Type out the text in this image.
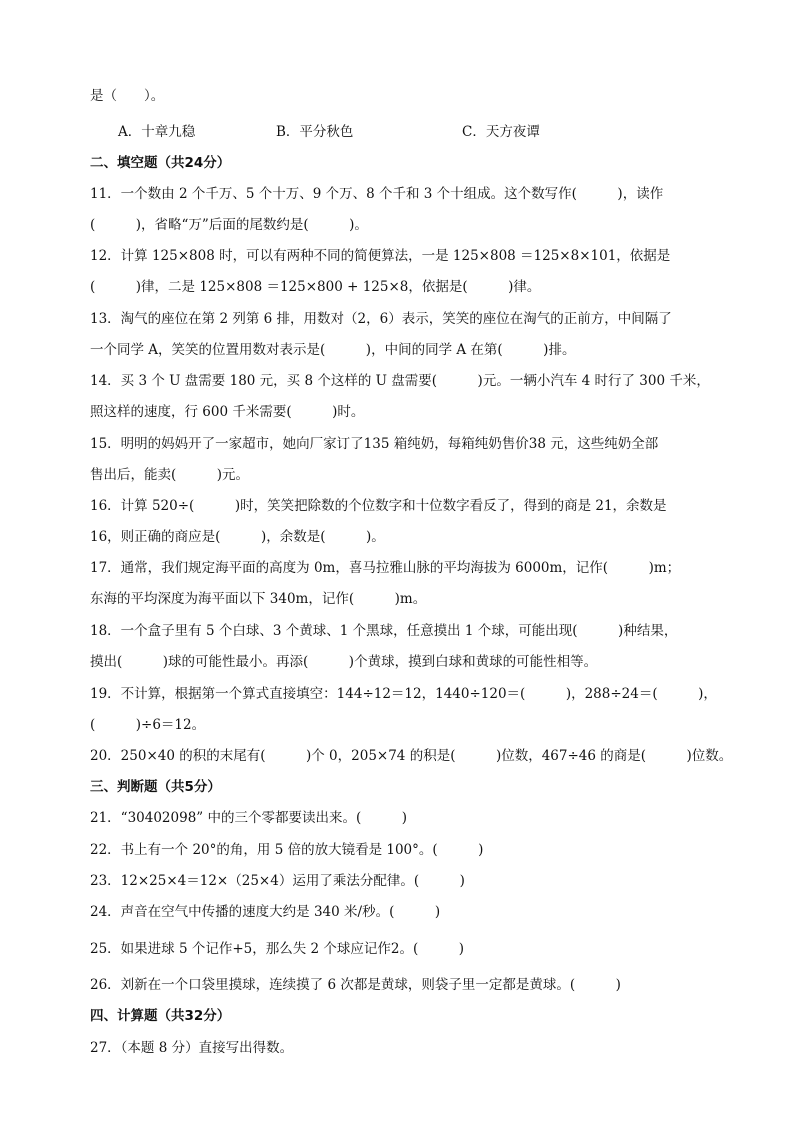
是（　　）。
A．十章九稳	B．平分秋色	C．天方夜谭
二、填空题（共24分）
11．一个数由 2 个千万、5 个十万、9 个万、8 个千和 3 个十组成。这个数写作(　　　)，读作
(　　　)，省略“万”后面的尾数约是(　　　)。
12．计算 125×808 时，可以有两种不同的简便算法，一是 125×808 ＝125×8×101，依据是
(　　　)律，二是 125×808 ＝125×800 + 125×8，依据是(　　　)律。
13．淘气的座位在第 2 列第 6 排，用数对（2，6）表示，笑笑的座位在淘气的正前方，中间隔了
一个同学 A，笑笑的位置用数对表示是(　　　)，中间的同学 A 在第(　　　)排。
14．买 3 个 U 盘需要 180 元，买 8 个这样的 U 盘需要(　　　)元。一辆小汽车 4 时行了 300 千米，
照这样的速度，行 600 千米需要(　　　)时。
15．明明的妈妈开了一家超市，她向厂家订了135 箱纯奶，每箱纯奶售价38 元，这些纯奶全部
售出后，能卖(　　　)元。
16．计算 520÷(　　　)时，笑笑把除数的个位数字和十位数字看反了，得到的商是 21，余数是
16，则正确的商应是(　　　)，余数是(　　　)。
17．通常，我们规定海平面的高度为 0m，喜马拉雅山脉的平均海拔为 6000m，记作(　　　)m；
东海的平均深度为海平面以下 340m，记作(　　　)m。
18．一个盒子里有 5 个白球、3 个黄球、1 个黑球，任意摸出 1 个球，可能出现(　　　)种结果，
摸出(　　　)球的可能性最小。再添(　　　)个黄球，摸到白球和黄球的可能性相等。
19．不计算，根据第一个算式直接填空：144÷12＝12，1440÷120＝(　　　)，288÷24＝(　　　)，
(　　　)÷6＝12。
20．250×40 的积的末尾有(　　　)个 0，205×74 的积是(　　　)位数，467÷46 的商是(　　　)位数。
三、判断题（共5分）
21．“30402098” 中的三个零都要读出来。(　　　)
22．书上有一个 20°的角，用 5 倍的放大镜看是 100°。(　　　)
23．12×25×4＝12×（25×4）运用了乘法分配律。(　　　)
24．声音在空气中传播的速度大约是 340 米/秒。(　　　)
25．如果进球 5 个记作+5，那么失 2 个球应记作2。(　　　)
26．刘新在一个口袋里摸球，连续摸了 6 次都是黄球，则袋子里一定都是黄球。(　　　)
四、计算题（共32分）
27．（本题 8 分）直接写出得数。
